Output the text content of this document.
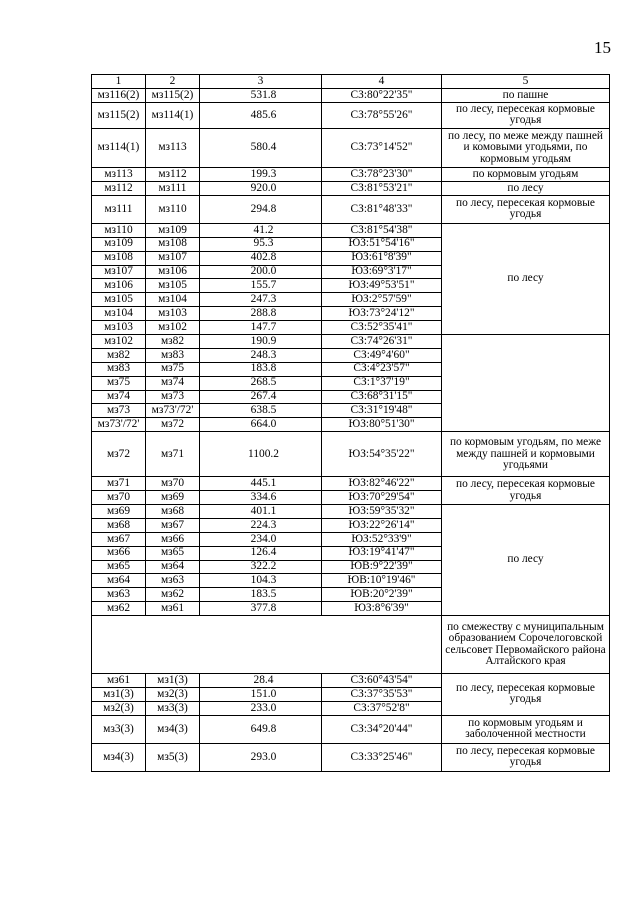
15
1	2	3	4	5	
мз116(2)	мз115(2)	531.8	СЗ:80°22'35"	по пашне	
мз115(2)	мз114(1)	485.6	СЗ:78°55'26"	по лесу, пересекая кормовые угодья	
мз114(1)	мз113	580.4	СЗ:73°14'52"	по лесу, по меже между пашней и комовыми угодьями, по кормовым угодьям	
мз113	мз112	199.3	СЗ:78°23'30"	по кормовым угодьям	
мз112	мз111	920.0	СЗ:81°53'21"	по лесу	
мз111	мз110	294.8	СЗ:81°48'33"	по лесу, пересекая кормовые угодья	
мз110	мз109	41.2	СЗ:81°54'38"	по лесу	
мз109	мз108	95.3	ЮЗ:51°54'16"		
мз108	мз107	402.8	ЮЗ:61°8'39"		
мз107	мз106	200.0	ЮЗ:69°3'17"		
мз106	мз105	155.7	ЮЗ:49°53'51"		
мз105	мз104	247.3	ЮЗ:2°57'59"		
мз104	мз103	288.8	ЮЗ:73°24'12"		
мз103	мз102	147.7	СЗ:52°35'41"	
мз102	мз82	190.9	СЗ:74°26'31"		
мз82	мз83	248.3	СЗ:49°4'60"		
мз83	мз75	183.8	СЗ:4°23'57"		
мз75	мз74	268.5	СЗ:1°37'19"		
мз74	мз73	267.4	СЗ:68°31'15"		
мз73	мз73'/72'	638.5	СЗ:31°19'48"		
мз73'/72'	мз72	664.0	ЮЗ:80°51'30"		
мз72	мз71	1100.2	ЮЗ:54°35'22"	по кормовым угодьям, по меже между пашней и кормовыми угодьями	
мз71	мз70	445.1	ЮЗ:82°46'22"	по лесу, пересекая кормовые угодья	
мз70	мз69	334.6	ЮЗ:70°29'54"		
мз69	мз68	401.1	ЮЗ:59°35'32"	по лесу	
мз68	мз67	224.3	ЮЗ:22°26'14"		
мз67	мз66	234.0	ЮЗ:52°33'9"		
мз66	мз65	126.4	ЮЗ:19°41'47"		
мз65	мз64	322.2	ЮВ:9°22'39"		
мз64	мз63	104.3	ЮВ:10°19'46"		
мз63	мз62	183.5	ЮВ:20°2'39"		
мз62	мз61	377.8	ЮЗ:8°6'39"		
				по смежеству с муниципальным образованием Сорочелоговской сельсовет Первомайского района Алтайского края	
мз61	мз1(3)	28.4	СЗ:60°43'54"	по лесу, пересекая кормовые угодья	
мз1(3)	мз2(3)	151.0	СЗ:37°35'53"		
мз2(3)	мз3(3)	233.0	СЗ:37°52'8"		
мз3(3)	мз4(3)	649.8	СЗ:34°20'44"	по кормовым угодьям и заболоченной местности	
мз4(3)	мз5(3)	293.0	СЗ:33°25'46"	по лесу, пересекая кормовые угодья	
